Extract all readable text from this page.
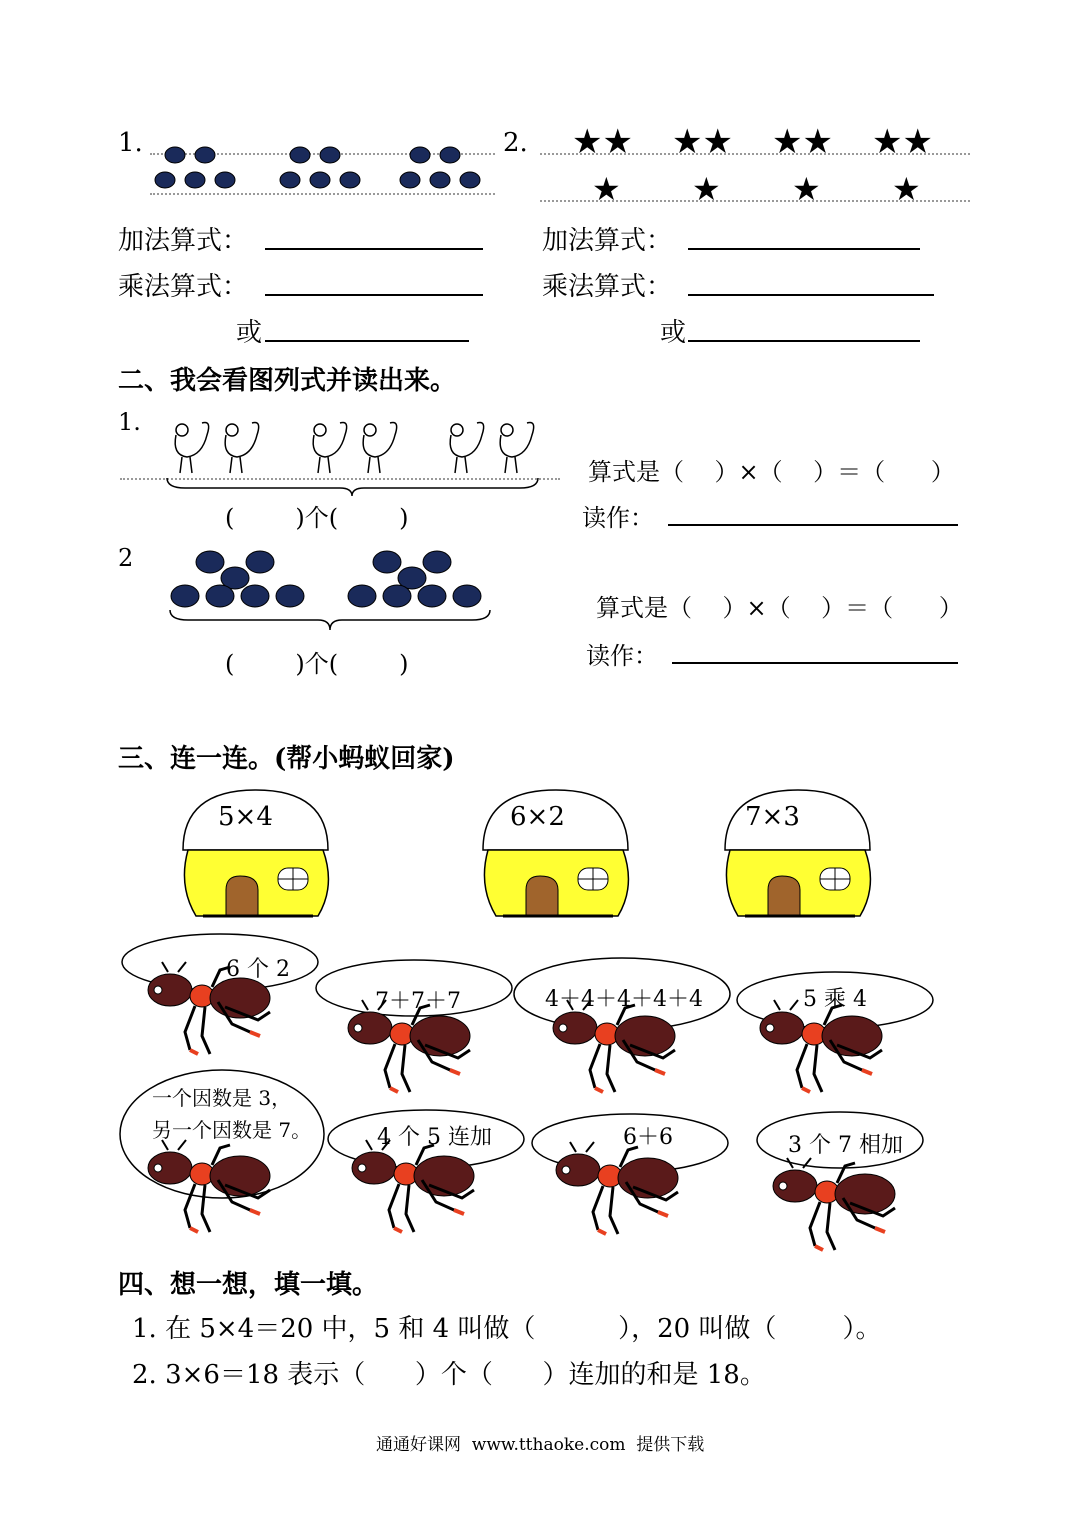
1.	2. ★★ ★★ ★★ ★★
★ ★ ★ ★
加法算式：	加法算式：
乘法算式：	乘法算式：
或	或
二、我会看图列式并读出来。
1.
(        )个(        )
算式是（    ）×（    ）＝（      ）
读作：
2
(        )个(        )
算式是（    ）×（    ）＝（      ）
读作：
三、连一连。(帮小蚂蚁回家)
5×4	6×2	7×3
6 个 2
7＋7＋7	4＋4＋4＋4＋4	5 乘 4
一个因数是 3，
另一个因数是 7。	4 个 5 连加	6＋6	3 个 7 相加
四、想一想，填一填。
1. 在 5×4＝20 中，5 和 4 叫做（          ），20 叫做（        ）。
2. 3×6＝18 表示（      ）个（      ）连加的和是 18。
通通好课网  www.tthaoke.com  提供下载
